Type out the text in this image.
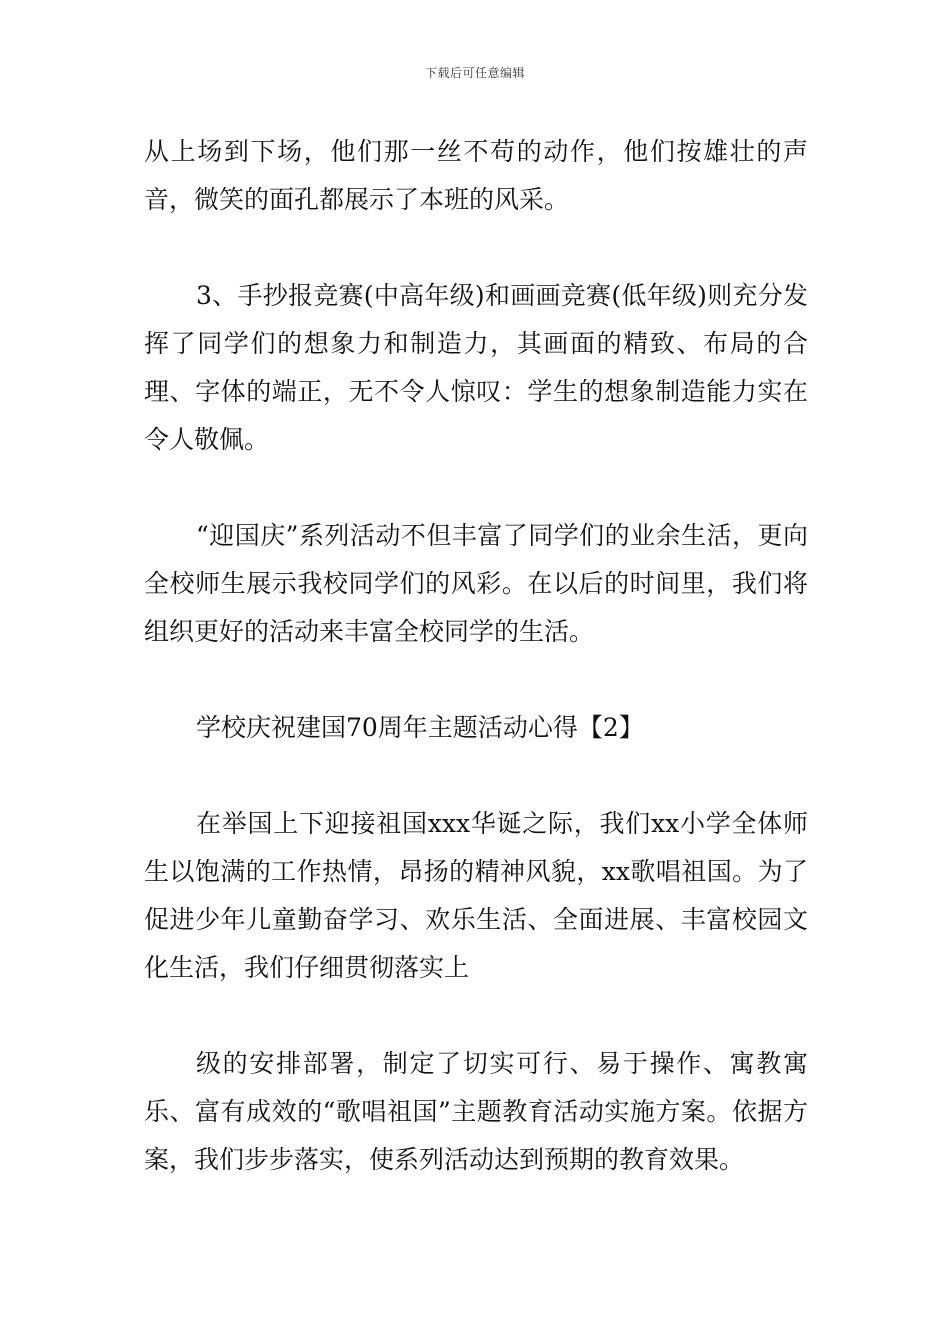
下载后可任意编辑

从上场到下场，他们那一丝不苟的动作，他们按雄壮的声音，微笑的面孔都展示了本班的风采。

3、手抄报竞赛(中高年级)和画画竞赛(低年级)则充分发挥了同学们的想象力和制造力，其画面的精致、布局的合理、字体的端正，无不令人惊叹：学生的想象制造能力实在令人敬佩。

“迎国庆”系列活动不但丰富了同学们的业余生活，更向全校师生展示我校同学们的风彩。在以后的时间里，我们将组织更好的活动来丰富全校同学的生活。

学校庆祝建国70周年主题活动心得【2】

在举国上下迎接祖国xxx华诞之际，我们xx小学全体师生以饱满的工作热情，昂扬的精神风貌，xx歌唱祖国。为了促进少年儿童勤奋学习、欢乐生活、全面进展、丰富校园文化生活，我们仔细贯彻落实上

级的安排部署，制定了切实可行、易于操作、寓教寓乐、富有成效的“歌唱祖国”主题教育活动实施方案。依据方案，我们步步落实，使系列活动达到预期的教育效果。
